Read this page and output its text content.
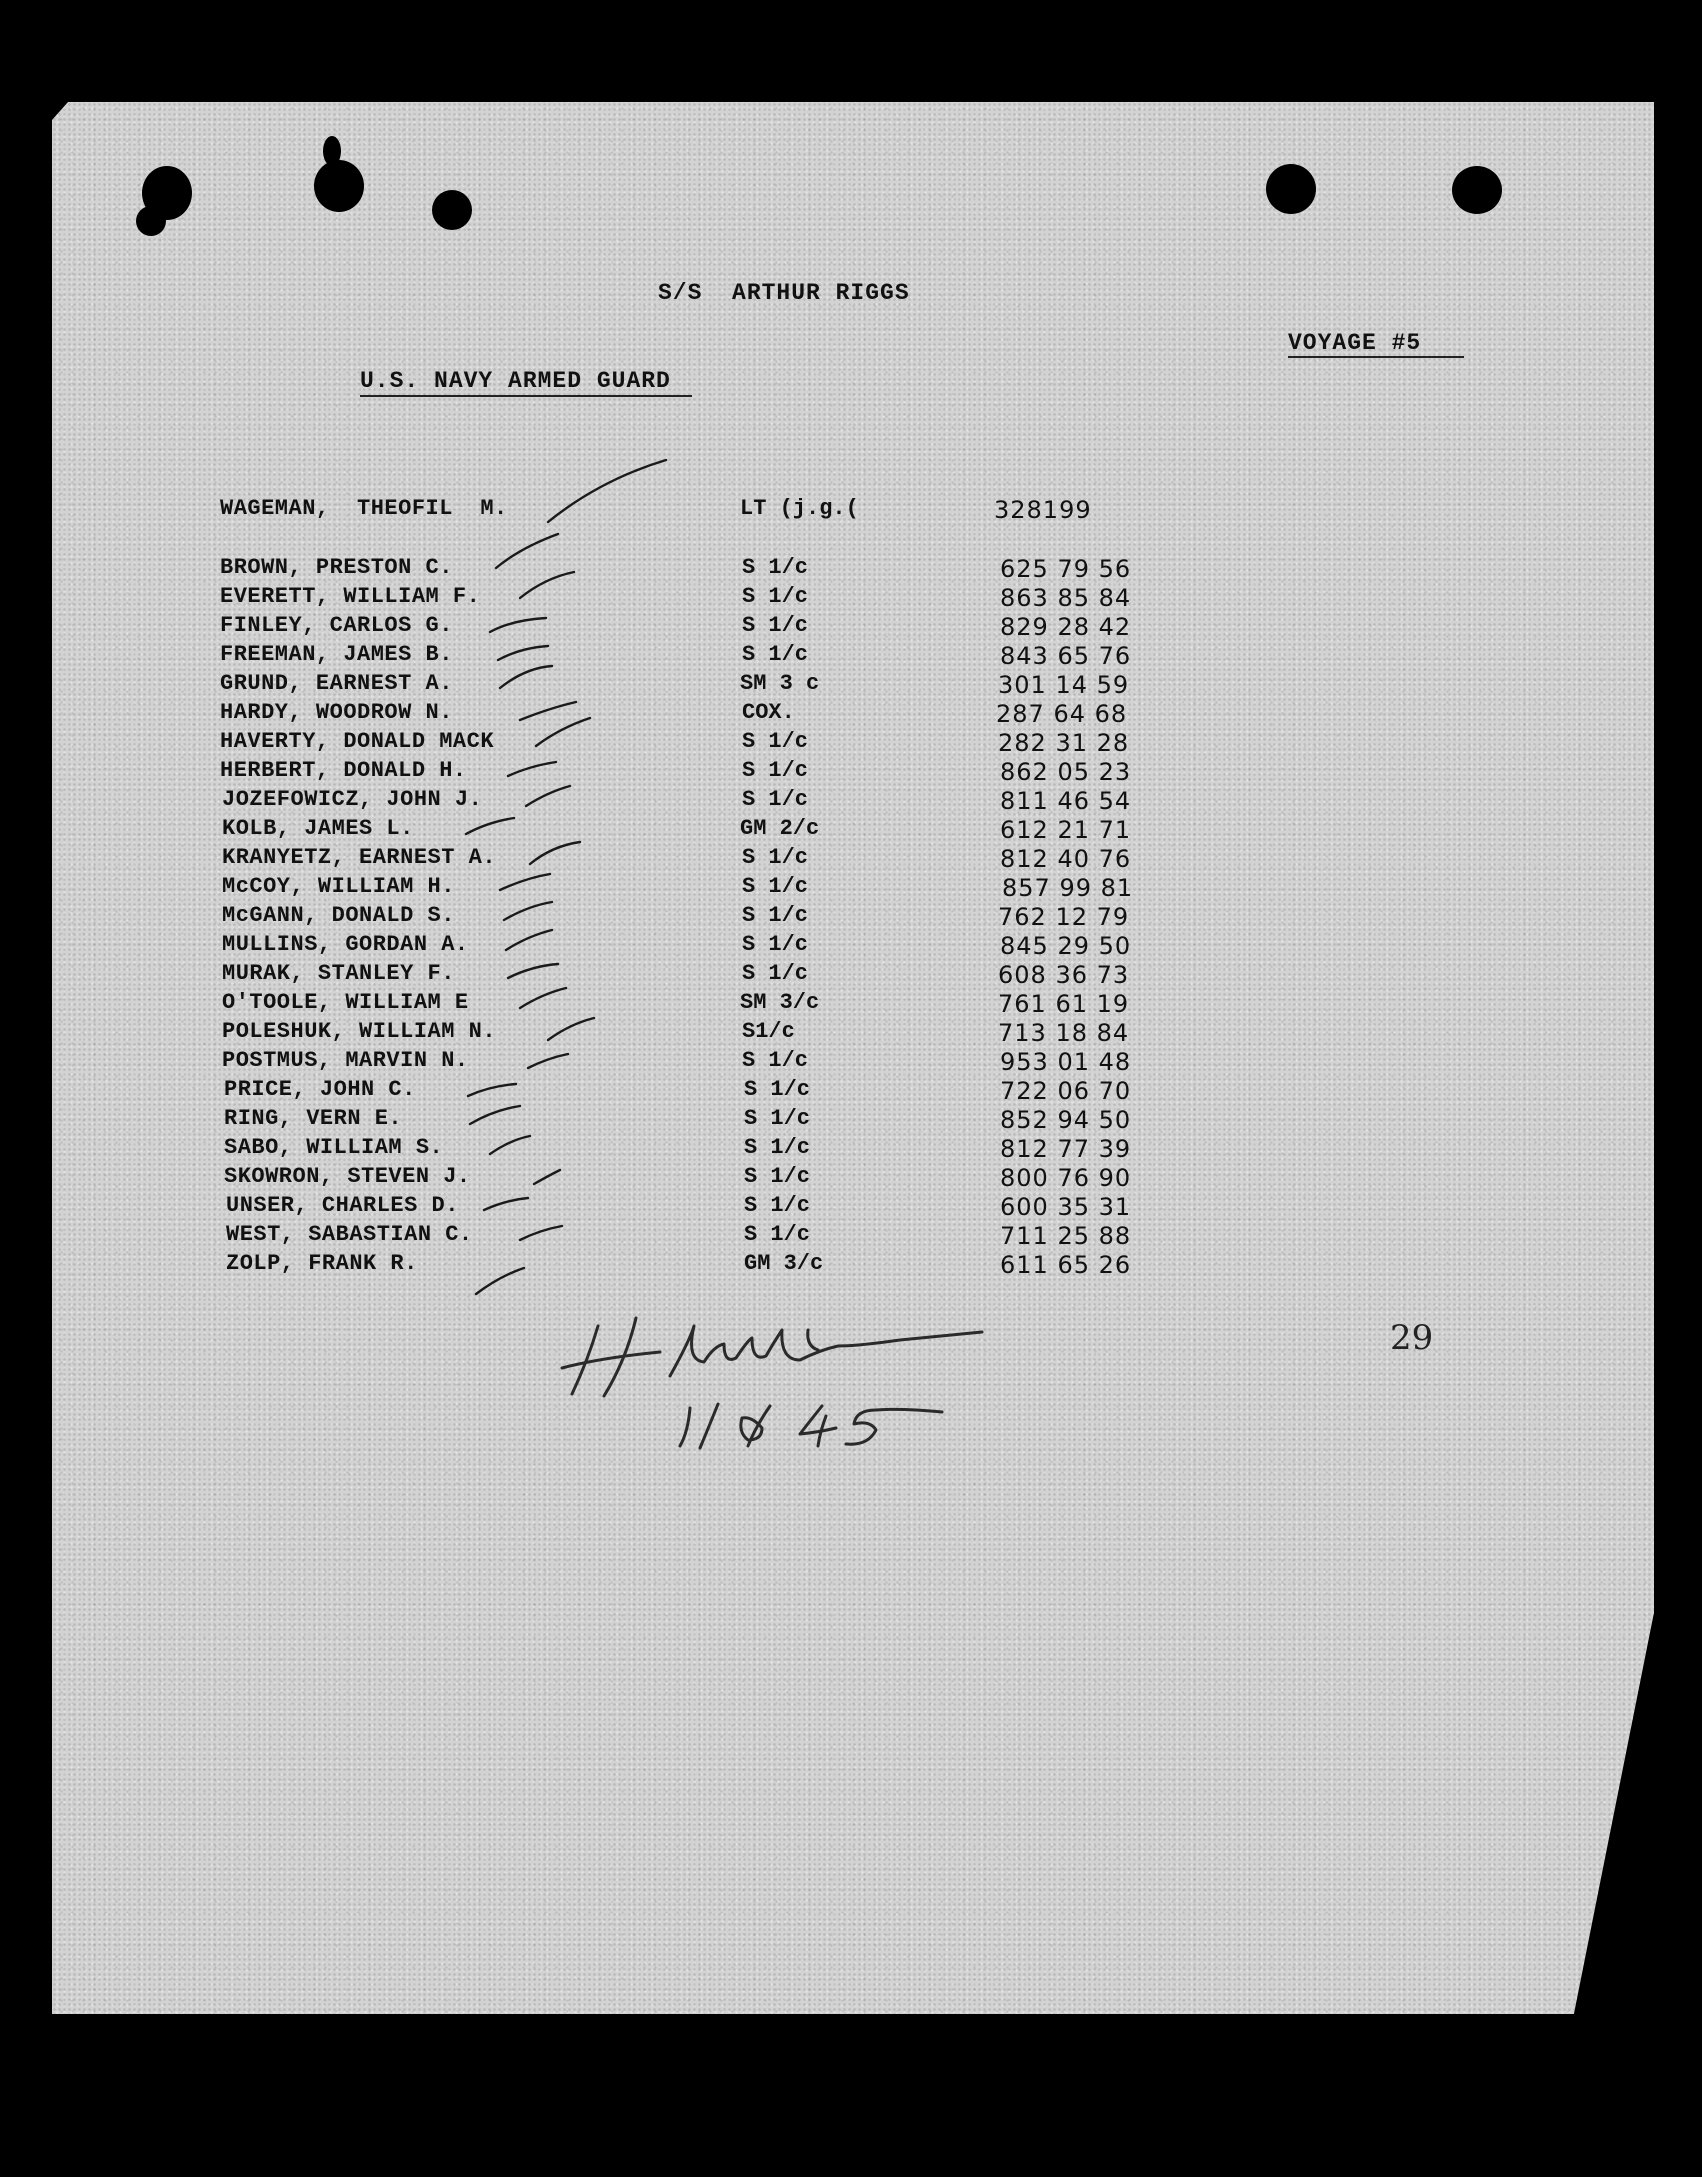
S/S  ARTHUR RIGGS
VOYAGE #5
U.S. NAVY ARMED GUARD
WAGEMAN,  THEOFIL  M.	LT (j.g.(	328199
BROWN, PRESTON C.	S 1/c	625 79 56
EVERETT, WILLIAM F.	S 1/c	863 85 84
FINLEY, CARLOS G.	S 1/c	829 28 42
FREEMAN, JAMES B.	S 1/c	843 65 76
GRUND, EARNEST A.	SM 3 c	301 14 59
HARDY, WOODROW N.	COX.	287 64 68
HAVERTY, DONALD MACK	S 1/c	282 31 28
HERBERT, DONALD H.	S 1/c	862 05 23
JOZEFOWICZ, JOHN J.	S 1/c	811 46 54
KOLB, JAMES L.	GM 2/c	612 21 71
KRANYETZ, EARNEST A.	S 1/c	812 40 76
McCOY, WILLIAM H.	S 1/c	857 99 81
McGANN, DONALD S.	S 1/c	762 12 79
MULLINS, GORDAN A.	S 1/c	845 29 50
MURAK, STANLEY F.	S 1/c	608 36 73
O'TOOLE, WILLIAM E	SM 3/c	761 61 19
POLESHUK, WILLIAM N.	S1/c	713 18 84
POSTMUS, MARVIN N.	S 1/c	953 01 48
PRICE, JOHN C.	S 1/c	722 06 70
RING, VERN E.	S 1/c	852 94 50
SABO, WILLIAM S.	S 1/c	812 77 39
SKOWRON, STEVEN J.	S 1/c	800 76 90
UNSER, CHARLES D.	S 1/c	600 35 31
WEST, SABASTIAN C.	S 1/c	711 25 88
ZOLP, FRANK R.	GM 3/c	611 65 26
29
